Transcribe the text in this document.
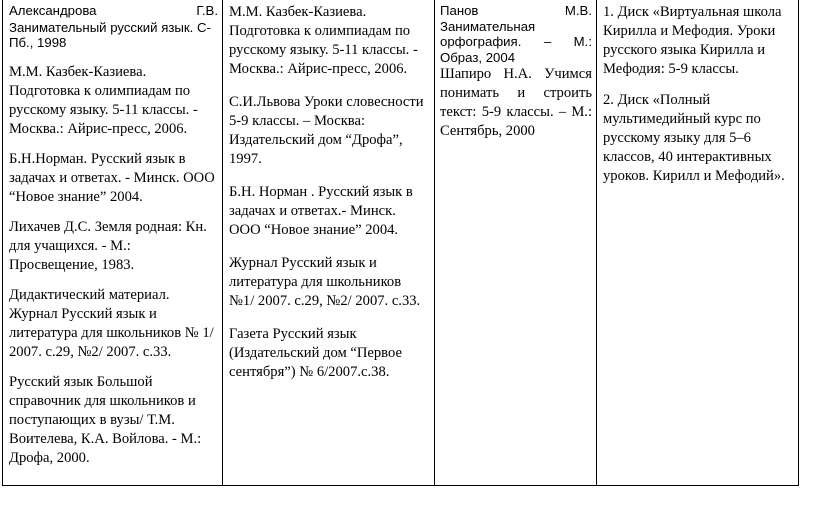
Александрова Г.В.

Занимательный русский язык. С-Пб., 1998

М.М. Казбек-Казиева. Подготовка к олимпиадам по русскому языку. 5-11 классы. - Москва.: Айрис-пресс, 2006.

Б.Н.Норман. Русский язык в задачах и ответах. - Минск. ООО “Новое знание” 2004.

Лихачев Д.С. Земля родная: Кн. для учащихся. - М.: Просвещение, 1983.

Дидактический материал. Журнал Русский язык и литература для школьников № 1/ 2007. с.29, №2/ 2007. с.33.

Русский язык Большой справочник для школьников и поступающих в вузы/ Т.М. Воителева, К.А. Войлова. - М.: Дрофа, 2000.

М.М. Казбек-Казиева. Подготовка к олимпиадам по русскому языку. 5-11 классы. - Москва.: Айрис-пресс, 2006.

С.И.Львова Уроки словесности 5-9 классы. – Москва: Издательский дом “Дрофа”, 1997.

Б.Н. Норман . Русский язык в задачах и ответах.- Минск. ООО “Новое знание” 2004.

Журнал Русский язык и литература для школьников №1/ 2007. с.29, №2/ 2007. с.33.

Газета Русский язык (Издательский дом “Первое сентября”) № 6/2007.с.38.

Панов М.В.

Занимательная

орфография. – М.:

Образ, 2004

Шапиро Н.А. Учимся понимать и строить текст: 5-9 классы. – М.: Сентябрь, 2000

1. Диск «Виртуальная школа Кирилла и Мефодия. Уроки русского языка Кирилла и Мефодия: 5-9 классы.

2. Диск «Полный мультимедийный курс по русскому языку для 5–6 классов, 40 интерактивных уроков. Кирилл и Мефодий».
